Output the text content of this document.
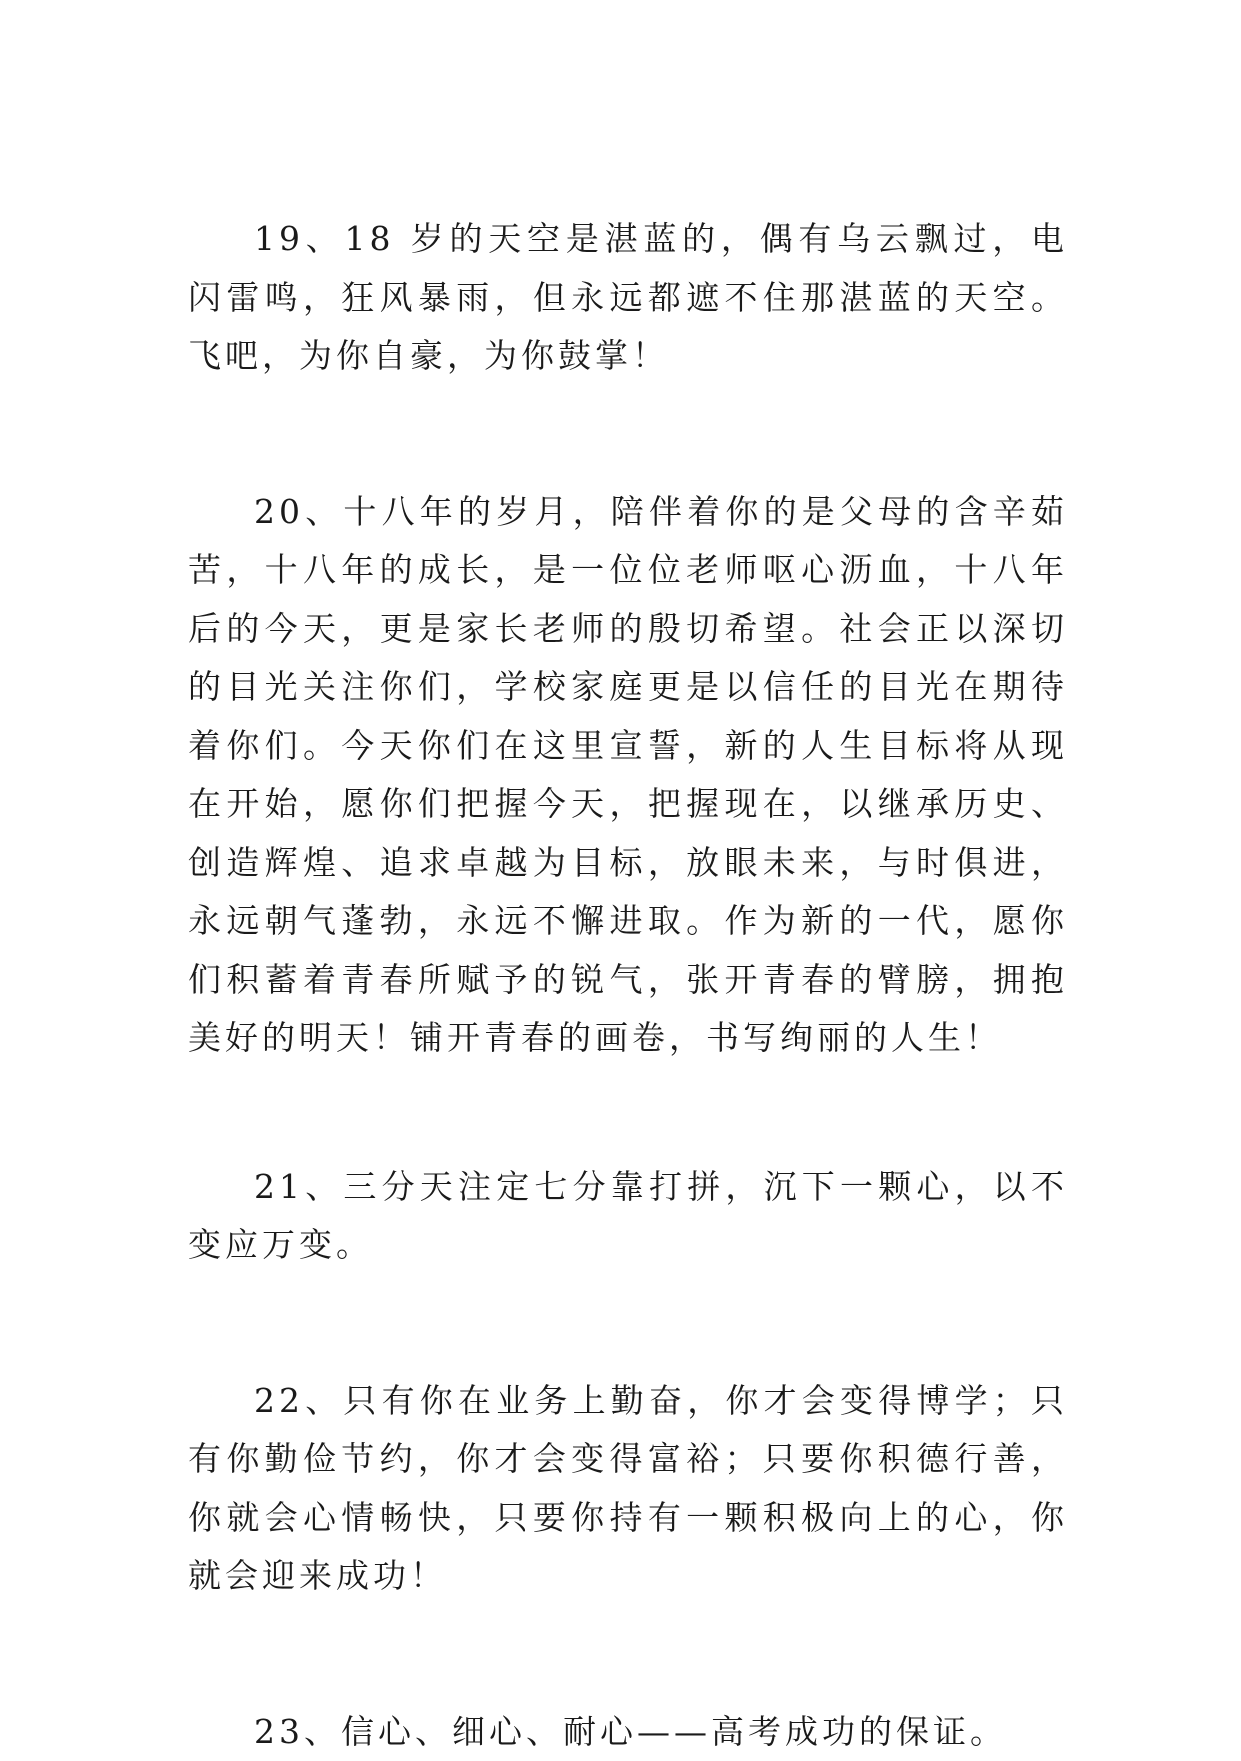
19、18 岁的天空是湛蓝的，偶有乌云飘过，电闪雷鸣，狂风暴雨，但永远都遮不住那湛蓝的天空。飞吧，为你自豪，为你鼓掌！

20、十八年的岁月，陪伴着你的是父母的含辛茹苦，十八年的成长，是一位位老师呕心沥血，十八年后的今天，更是家长老师的殷切希望。社会正以深切的目光关注你们，学校家庭更是以信任的目光在期待着你们。今天你们在这里宣誓，新的人生目标将从现在开始，愿你们把握今天，把握现在，以继承历史、创造辉煌、追求卓越为目标，放眼未来，与时俱进，永远朝气蓬勃，永远不懈进取。作为新的一代，愿你们积蓄着青春所赋予的锐气，张开青春的臂膀，拥抱美好的明天！铺开青春的画卷，书写绚丽的人生！

21、三分天注定七分靠打拼，沉下一颗心，以不变应万变。

22、只有你在业务上勤奋，你才会变得博学；只有你勤俭节约，你才会变得富裕；只要你积德行善，你就会心情畅快，只要你持有一颗积极向上的心，你就会迎来成功！

23、信心、细心、耐心——高考成功的保证。
